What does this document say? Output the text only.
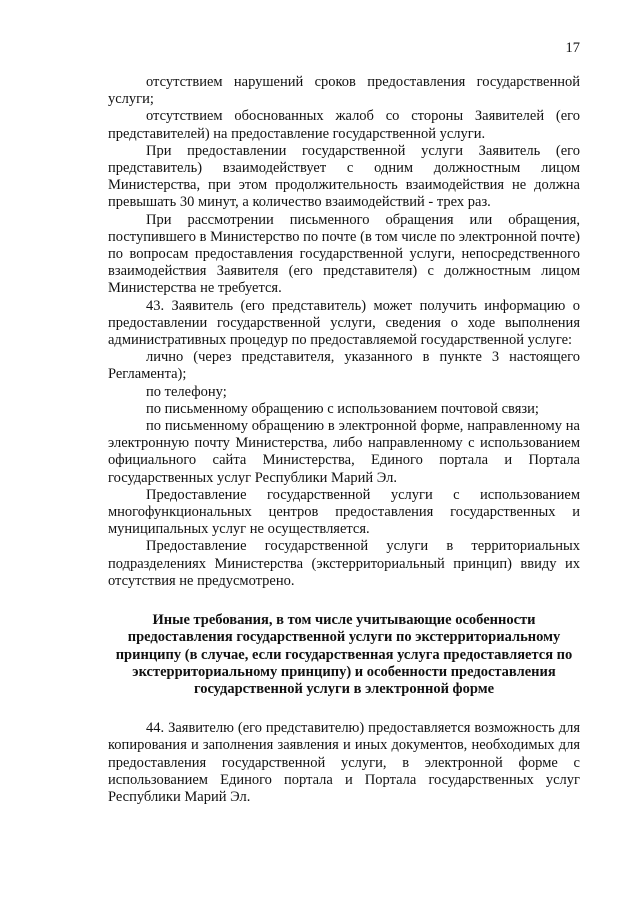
17

отсутствием нарушений сроков предоставления государственной услуги;

отсутствием обоснованных жалоб со стороны Заявителей (его представителей) на предоставление государственной услуги.

При предоставлении государственной услуги Заявитель (его представитель) взаимодействует с одним должностным лицом Министерства, при этом продолжительность взаимодействия не должна превышать 30 минут, а количество взаимодействий - трех раз.

При рассмотрении письменного обращения или обращения, поступившего в Министерство по почте (в том числе по электронной почте) по вопросам предоставления государственной услуги, непосредственного взаимодействия Заявителя (его представителя) с должностным лицом Министерства не требуется.

43. Заявитель (его представитель) может получить информацию о предоставлении государственной услуги, сведения о ходе выполнения административных процедур по предоставляемой государственной услуге:

лично (через представителя, указанного в пункте 3 настоящего Регламента);

по телефону;

по письменному обращению с использованием почтовой связи;

по письменному обращению в электронной форме, направленному на электронную почту Министерства, либо направленному с использованием официального сайта Министерства, Единого портала и Портала государственных услуг Республики Марий Эл.

Предоставление государственной услуги с использованием многофункциональных центров предоставления государственных и муниципальных услуг не осуществляется.

Предоставление государственной услуги в территориальных подразделениях Министерства (экстерриториальный принцип) ввиду их отсутствия не предусмотрено.

Иные требования, в том числе учитывающие особенности предоставления государственной услуги по экстерриториальному принципу (в случае, если государственная услуга предоставляется по экстерриториальному принципу) и особенности предоставления государственной услуги в электронной форме

44. Заявителю (его представителю) предоставляется возможность для копирования и заполнения заявления и иных документов, необходимых для предоставления государственной услуги, в электронной форме с использованием Единого портала и Портала государственных услуг Республики Марий Эл.
